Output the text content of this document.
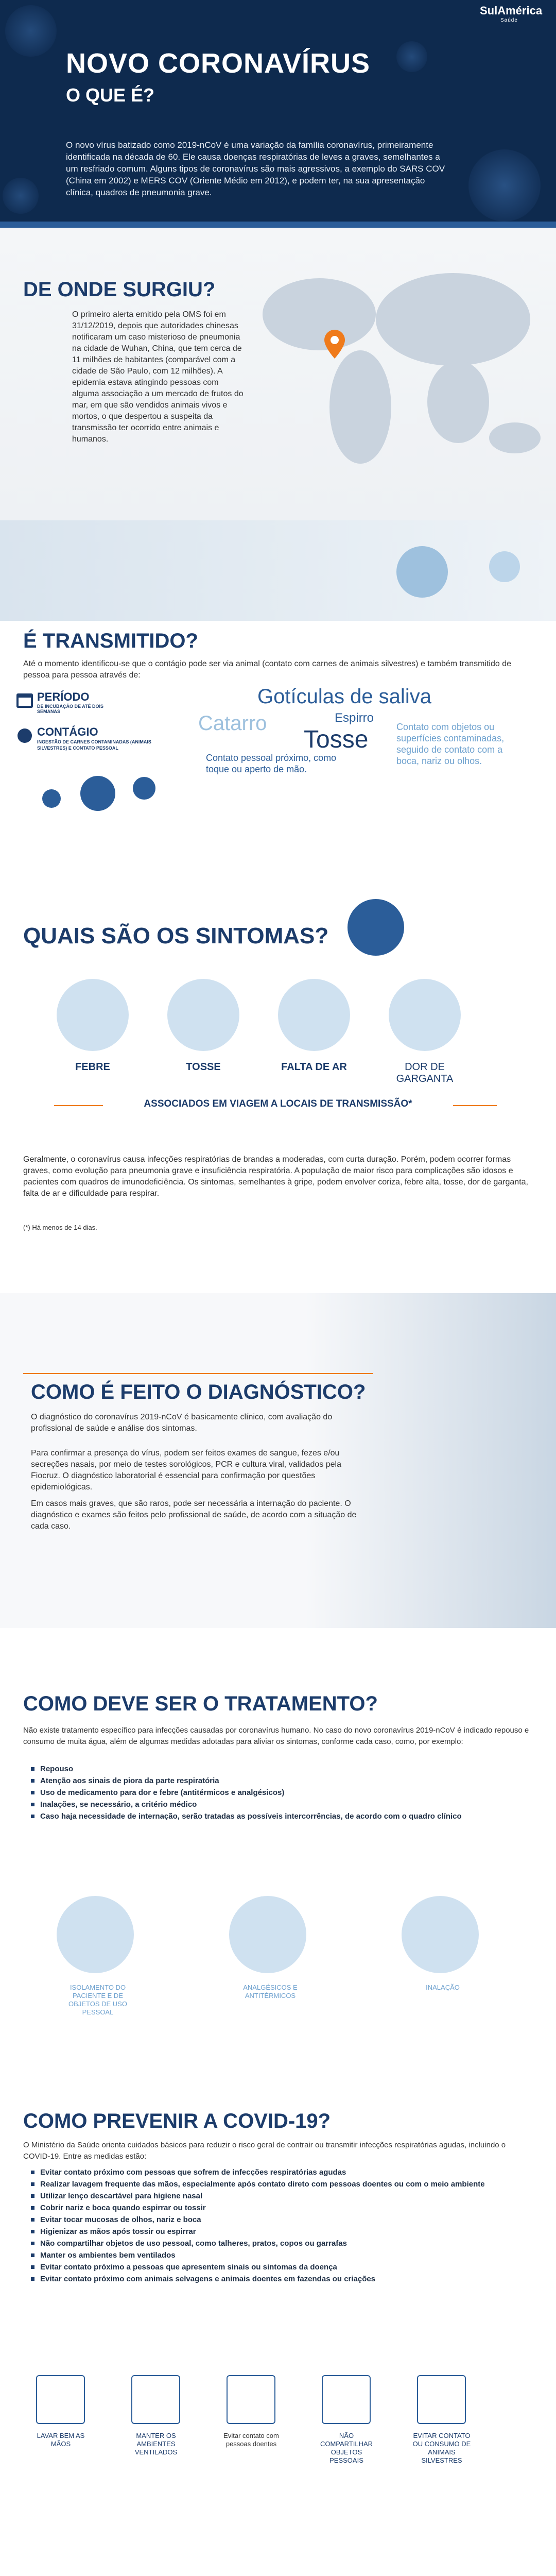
SulAmérica
Saúde
NOVO CORONAVÍRUS
O QUE É?
O novo vírus batizado como 2019-nCoV é uma variação da família coronavírus, primeiramente identificada na década de 60. Ele causa doenças respiratórias de leves a graves, semelhantes a um resfriado comum. Alguns tipos de coronavírus são mais agressivos, a exemplo do SARS COV (China em 2002) e MERS COV (Oriente Médio em 2012), e podem ter, na sua apresentação clínica, quadros de pneumonia grave.
DE ONDE SURGIU?
O primeiro alerta emitido pela OMS foi em 31/12/2019, depois que autoridades chinesas notificaram um caso misterioso de pneumonia na cidade de Wuhan, China, que tem cerca de 11 milhões de habitantes (comparável com a cidade de São Paulo, com 12 milhões). A epidemia estava atingindo pessoas com alguma associação a um mercado de frutos do mar, em que são vendidos animais vivos e mortos, o que despertou a suspeita da transmissão ter ocorrido entre animais e humanos.
É TRANSMITIDO?
Até o momento identificou-se que o contágio pode ser via animal (contato com carnes de animais silvestres) e também transmitido de pessoa para pessoa através de:
PERÍODO
DE INCUBAÇÃO DE ATÉ DOIS SEMANAS
CONTÁGIO
INGESTÃO DE CARNES CONTAMINADAS (ANIMAIS SILVESTRES) E CONTATO PESSOAL
Gotículas de saliva
Catarro	Espirro
Tosse	Contato com objetos ou superfícies contaminadas, seguido de contato com a boca, nariz ou olhos.
Contato pessoal próximo, como toque ou aperto de mão.
QUAIS SÃO OS SINTOMAS?
FEBRE	TOSSE	FALTA DE AR	DOR DE GARGANTA
ASSOCIADOS EM VIAGEM A LOCAIS DE TRANSMISSÃO*
Geralmente, o coronavírus causa infecções respiratórias de brandas a moderadas, com curta duração. Porém, podem ocorrer formas graves, como evolução para pneumonia grave e insuficiência respiratória. A população de maior risco para complicações são idosos e pacientes com quadros de imunodeficiência. Os sintomas, semelhantes à gripe, podem envolver coriza, febre alta, tosse, dor de garganta, falta de ar e dificuldade para respirar.
(*) Há menos de 14 dias.
COMO É FEITO O DIAGNÓSTICO?
O diagnóstico do coronavírus 2019-nCoV é basicamente clínico, com avaliação do profissional de saúde e análise dos sintomas.
Para confirmar a presença do vírus, podem ser feitos exames de sangue, fezes e/ou secreções nasais, por meio de testes sorológicos, PCR e cultura viral, validados pela Fiocruz. O diagnóstico laboratorial é essencial para confirmação por questões epidemiológicas.
Em casos mais graves, que são raros, pode ser necessária a internação do paciente. O diagnóstico e exames são feitos pelo profissional de saúde, de acordo com a situação de cada caso.
COMO DEVE SER O TRATAMENTO?
Não existe tratamento específico para infecções causadas por coronavírus humano. No caso do novo coronavírus 2019-nCoV é indicado repouso e consumo de muita água, além de algumas medidas adotadas para aliviar os sintomas, conforme cada caso, como, por exemplo:
Repouso
Atenção aos sinais de piora da parte respiratória
Uso de medicamento para dor e febre (antitérmicos e analgésicos)
Inalações, se necessário, a critério médico
Caso haja necessidade de internação, serão tratadas as possíveis intercorrências, de acordo com o quadro clínico
ISOLAMENTO DO PACIENTE E DE OBJETOS DE USO PESSOAL
ANALGÉSICOS E ANTITÉRMICOS
INALAÇÃO
COMO PREVENIR A COVID-19?
O Ministério da Saúde orienta cuidados básicos para reduzir o risco geral de contrair ou transmitir infecções respiratórias agudas, incluindo o COVID-19. Entre as medidas estão:
Evitar contato próximo com pessoas que sofrem de infecções respiratórias agudas
Realizar lavagem frequente das mãos, especialmente após contato direto com pessoas doentes ou com o meio ambiente
Utilizar lenço descartável para higiene nasal
Cobrir nariz e boca quando espirrar ou tossir
Evitar tocar mucosas de olhos, nariz e boca
Higienizar as mãos após tossir ou espirrar
Não compartilhar objetos de uso pessoal, como talheres, pratos, copos ou garrafas
Manter os ambientes bem ventilados
Evitar contato próximo a pessoas que apresentem sinais ou sintomas da doença
Evitar contato próximo com animais selvagens e animais doentes em fazendas ou criações
LAVAR BEM AS MÃOS
MANTER OS AMBIENTES VENTILADOS
Evitar contato com pessoas doentes
NÃO COMPARTILHAR OBJETOS PESSOAIS
EVITAR CONTATO OU CONSUMO DE ANIMAIS SILVESTRES
